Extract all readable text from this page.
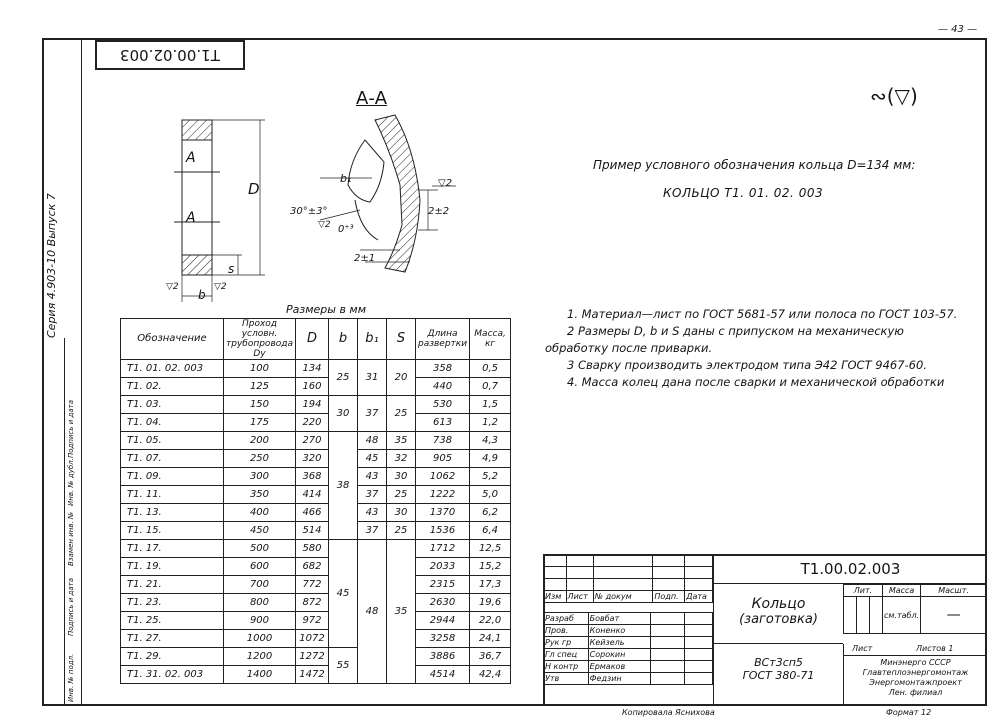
— 43 —
Серия 4.903-10 Выпуск 7
Инв. № подл.
Подпись и дата
Взамен инв. №
Инв. № дубл.
Подпись и дата
T1.00.02.003
∾(▽)
А-А
А
А
D
s
b
▽2	▽2
b₁
30°±3°
0⁺³
▽2
2±2
2±1
▽2
Пример условного обозначения кольца D=134 мм:
КОЛЬЦО Т1. 01. 02. 003
1. Материал—лист по ГОСТ 5681-57 или полоса по ГОСТ 103-57.
2 Размеры D, b и S даны с припуском на механическую обработку после приварки.
3 Сварку производить электродом типа Э42 ГОСТ 9467-60.
4. Масса колец дана после сварки и механической обработки
Размеры в мм
Обозначение	Проход условн. трубопровода Dу	D	b	b₁	S	Длина развертки	Масса, кг
Т1. 01. 02. 003	100	134	25	31	20	358	0,5
Т1. 02.	125	160				440	0,7
Т1. 03.	150	194	30	37	25	530	1,5
Т1. 04.	175	220				613	1,2
Т1. 05.	200	270	38	48	35	738	4,3
Т1. 07.	250	320		45	32	905	4,9
Т1. 09.	300	368		43	30	1062	5,2
Т1. 11.	350	414		37	25	1222	5,0
Т1. 13.	400	466		43	30	1370	6,2
Т1. 15.	450	514		37	25	1536	6,4
Т1. 17.	500	580	45	48	35	1712	12,5
Т1. 19.	600	682				2033	15,2
Т1. 21.	700	772				2315	17,3
Т1. 23.	800	872				2630	19,6
Т1. 25.	900	972				2944	22,0
Т1. 27.	1000	1072				3258	24,1
Т1. 29.	1200	1272	55			3886	36,7
Т1. 31. 02. 003	1400	1472				4514	42,4

Изм	Лист	№ докум	Подп.	Дата
Разраб	Бовбат		
Пров.	Коненко		
Рук гр	Кейзель		
Гл спец	Сорокин		
Н контр	Ермаков		
Утв	Федзин		
Т1.00.02.003
Кольцо
(заготовка)
ВСт3сп5
ГОСТ 380-71
Лит.	Масса	Масшт.

	см.табл.	—
Лист	Листов 1
Минэнерго СССР
Главтеплоэнергомонтаж
Энергомонтажпроект
Лен. филиал
Копировала Яснихова	Формат 12
